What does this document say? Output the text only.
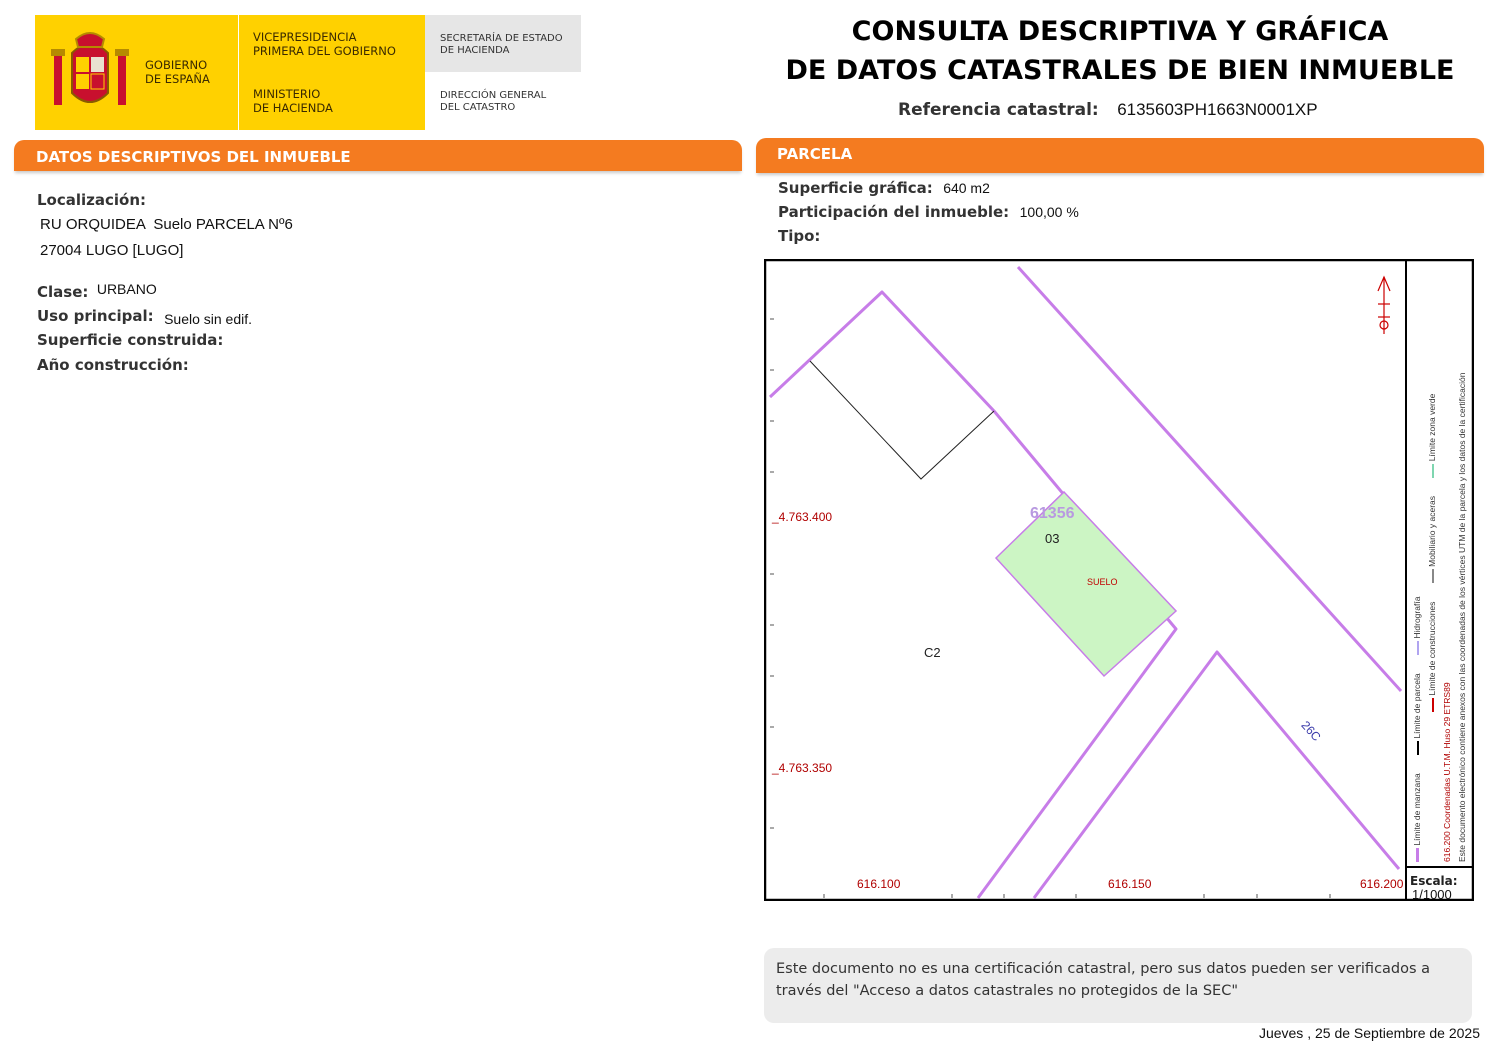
GOBIERNO
DE ESPAÑA
VICEPRESIDENCIA
PRIMERA DEL GOBIERNO
MINISTERIO
DE HACIENDA
SECRETARÍA DE ESTADO
DE HACIENDA
DIRECCIÓN GENERAL
DEL CATASTRO
CONSULTA DESCRIPTIVA Y GRÁFICA
DE DATOS CATASTRALES DE BIEN INMUEBLE
Referencia catastral: 6135603PH1663N0001XP
DATOS DESCRIPTIVOS DEL INMUEBLE
Localización:
RU ORQUIDEA  Suelo PARCELA Nº6
27004 LUGO [LUGO]
Clase: URBANO
Uso principal: Suelo sin edif.
Superficie construida:
Año construcción:
PARCELA
Superficie gráfica: 640 m2
Participación del inmueble: 100,00 %
Tipo:
61356
03
SUELO
C2
26C
_4.763.400
_4.763.350
616.100	616.150	616.200
Límite de manzana  Límite de parcela  Hidrografía Límite de construcciones  Mobiliario y aceras  Límite zona verde
616.200 Coordenadas U.T.M. Huso 29 ETRS89 Este documento electrónico contiene anexos con las coordenadas de los vértices UTM de la parcela y los datos de la certificación
Escala:
1/1000
Este documento no es una certificación catastral, pero sus datos pueden ser verificados a
través del "Acceso a datos catastrales no protegidos de la SEC"
Jueves , 25 de Septiembre de 2025
